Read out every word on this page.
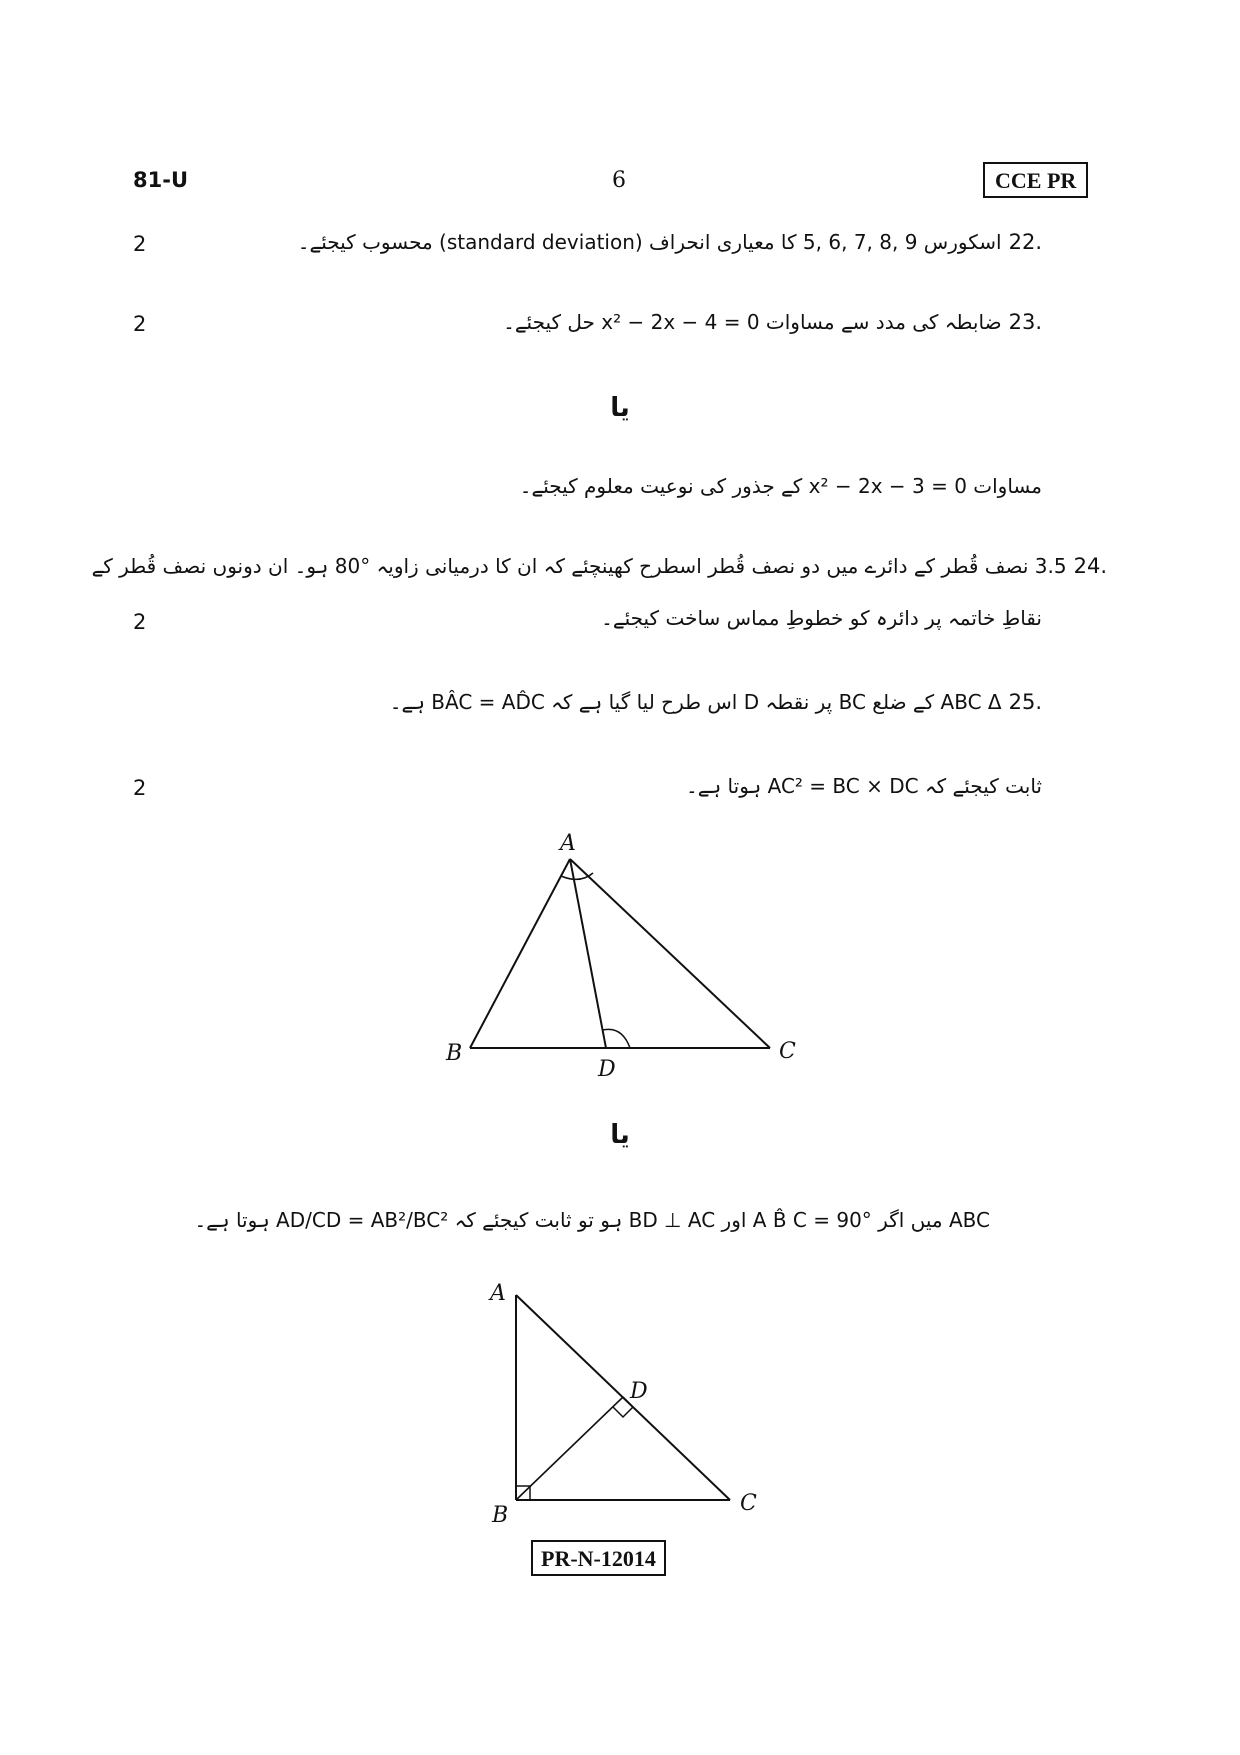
81-U	6	CCE PR
2	.22 اسکورس 9 ,8 ,7 ,6 ,5 کا معیاری انحراف (standard deviation) محسوب کیجئے۔
2	.23 ضابطہ کی مدد سے مساوات x² − 2x − 4 = 0 حل کیجئے۔
یا
مساوات x² − 2x − 3 = 0 کے جذور کی نوعیت معلوم کیجئے۔
.24 3.5 نصف قُطر کے دائرے میں دو نصف قُطر اسطرح کھینچئے کہ ان کا درمیانی زاویہ °80 ہو۔ ان دونوں نصف قُطر کے
2	نقاطِ خاتمہ پر دائرہ کو خطوطِ مماس ساخت کیجئے۔
.25 ABC Δ کے ضلع BC پر نقطہ D اس طرح لیا گیا ہے کہ BÂC = AD̂C ہے۔
2	ثابت کیجئے کہ AC² = BC × DC ہوتا ہے۔
A
B	C
D
یا
ABC میں اگر A B̂ C = 90° اور BD ⊥ AC ہو تو ثابت کیجئے کہ AD/CD = AB²/BC² ہوتا ہے۔
A
B	C
D
PR-N-12014
